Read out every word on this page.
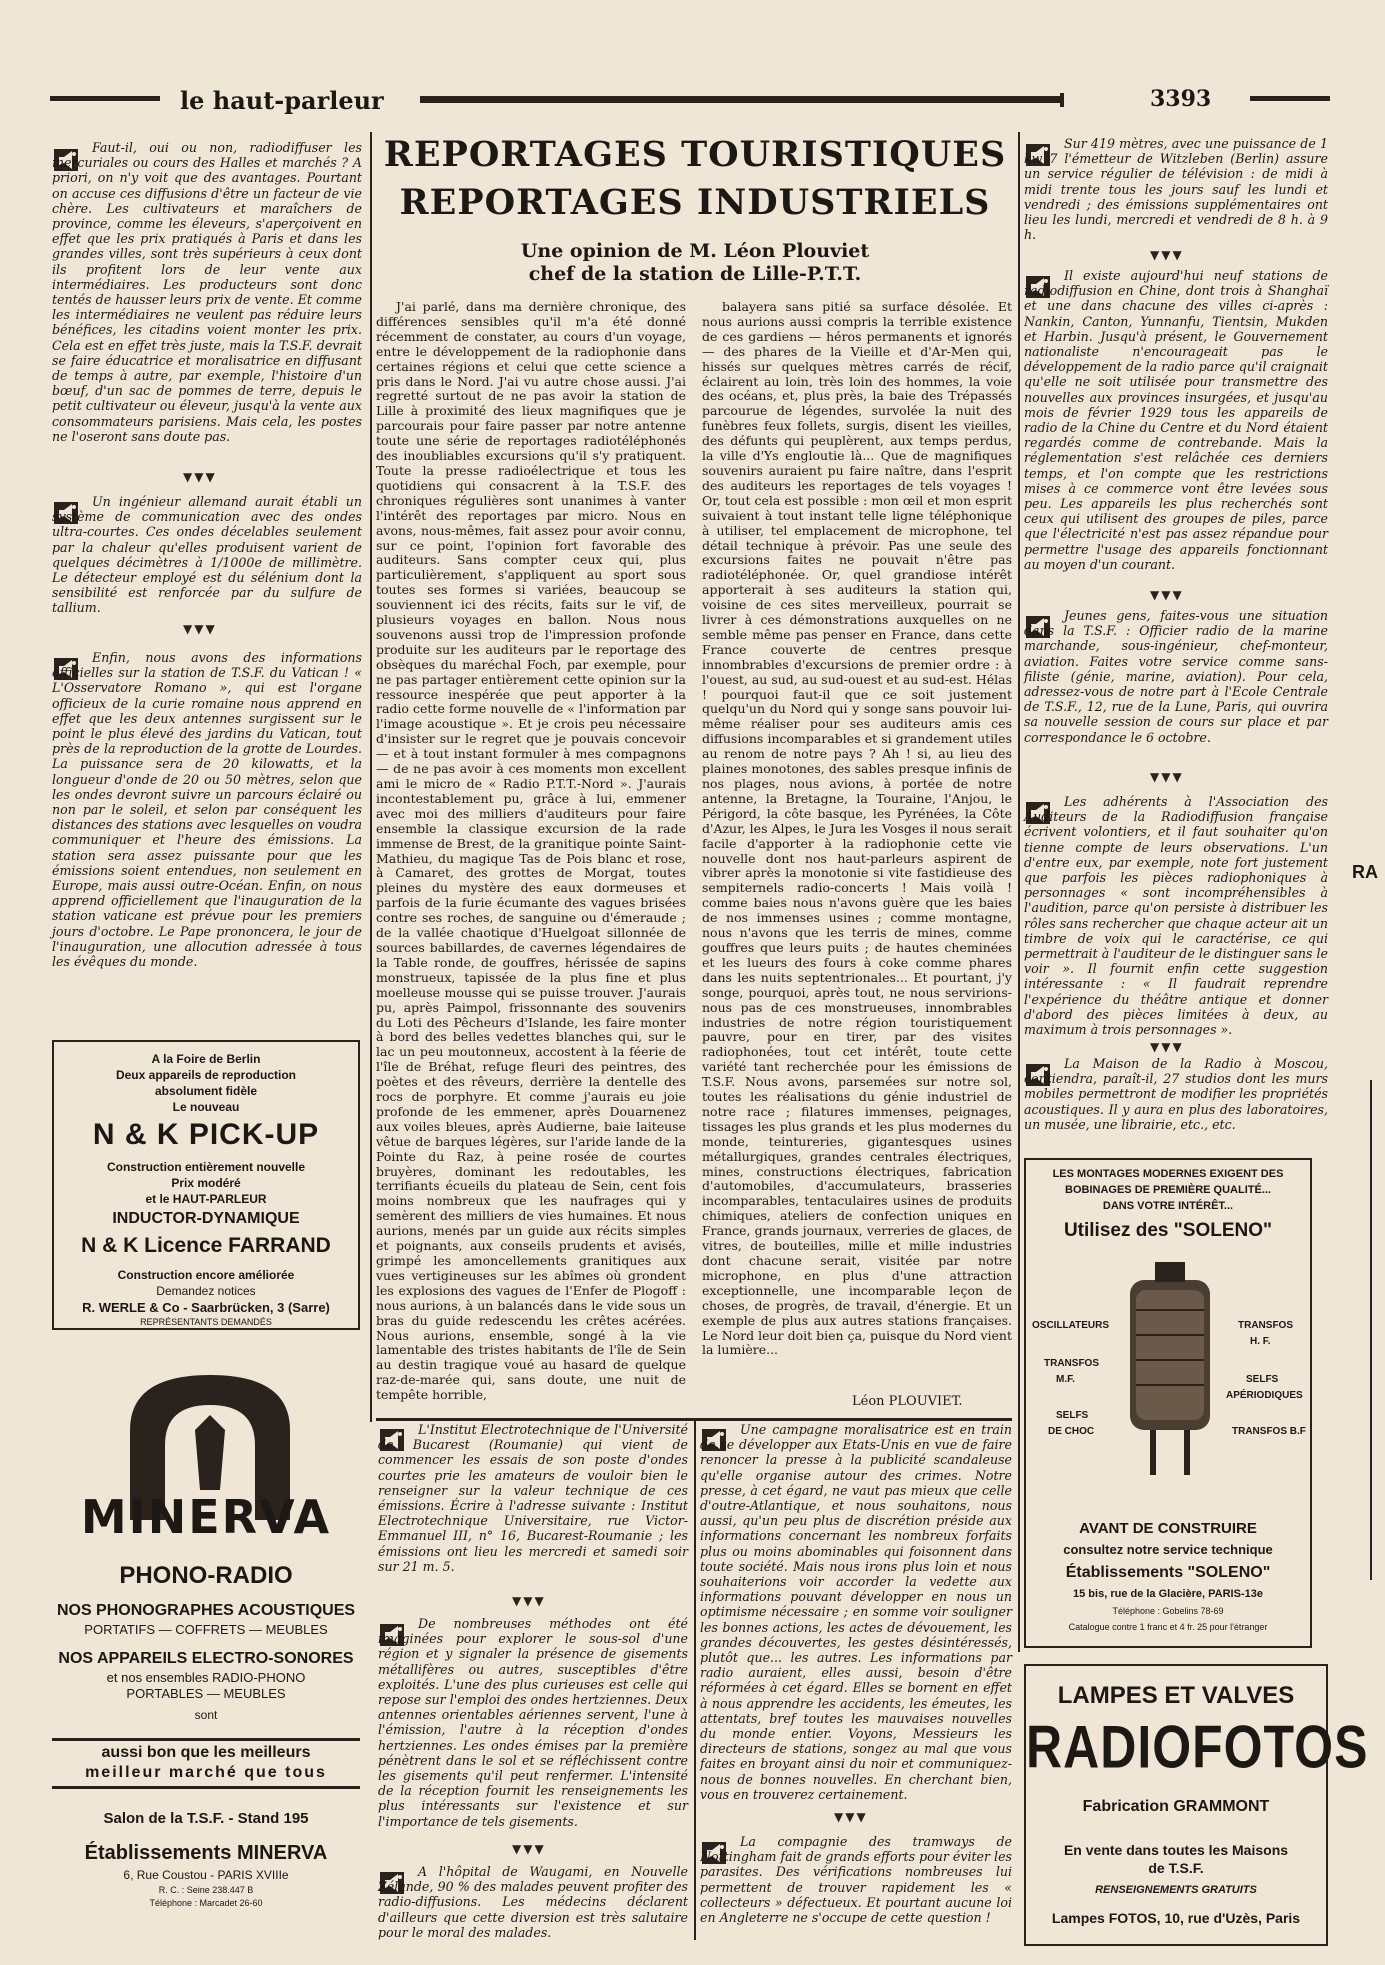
le haut-parleur	3393

Faut-il, oui ou non, radiodiffuser les mercuriales ou cours des Halles et marchés ? A priori, on n'y voit que des avantages. Pourtant on accuse ces diffusions d'être un facteur de vie chère. Les cultivateurs et maraîchers de province, comme les éleveurs, s'aperçoivent en effet que les prix pratiqués à Paris et dans les grandes villes, sont très supérieurs à ceux dont ils profitent lors de leur vente aux intermédiaires. Les producteurs sont donc tentés de hausser leurs prix de vente. Et comme les intermédiaires ne veulent pas réduire leurs bénéfices, les citadins voient monter les prix. Cela est en effet très juste, mais la T.S.F. devrait se faire éducatrice et moralisatrice en diffusant de temps à autre, par exemple, l'histoire d'un bœuf, d'un sac de pommes de terre, depuis le petit cultivateur ou éleveur, jusqu'à la vente aux consommateurs parisiens. Mais cela, les postes ne l'oseront sans doute pas.

▼▼▼

Un ingénieur allemand aurait établi un système de communication avec des ondes ultra-courtes. Ces ondes décelables seulement par la chaleur qu'elles produisent varient de quelques décimètres à 1/1000e de millimètre. Le détecteur employé est du sélénium dont la sensibilité est renforcée par du sulfure de tallium.

▼▼▼

Enfin, nous avons des informations officielles sur la station de T.S.F. du Vatican ! « L'Osservatore Romano », qui est l'organe officieux de la curie romaine nous apprend en effet que les deux antennes surgissent sur le point le plus élevé des jardins du Vatican, tout près de la reproduction de la grotte de Lourdes. La puissance sera de 20 kilowatts, et la longueur d'onde de 20 ou 50 mètres, selon que les ondes devront suivre un parcours éclairé ou non par le soleil, et selon par conséquent les distances des stations avec lesquelles on voudra communiquer et l'heure des émissions. La station sera assez puissante pour que les émissions soient entendues, non seulement en Europe, mais aussi outre-Océan. Enfin, on nous apprend officiellement que l'inauguration de la station vaticane est prévue pour les premiers jours d'octobre. Le Pape prononcera, le jour de l'inauguration, une allocution adressée à tous les évêques du monde.

A la Foire de Berlin
Deux appareils de reproduction
absolument fidèle
Le nouveau
N & K PICK-UP
Construction entièrement nouvelle
Prix modéré
et le HAUT-PARLEUR
INDUCTOR-DYNAMIQUE
N & K Licence FARRAND
Construction encore améliorée
Demandez notices
R. WERLE & Co - Saarbrücken, 3 (Sarre)
REPRÉSENTANTS DEMANDÉS
MINERVA
PHONO-RADIO
NOS PHONOGRAPHES ACOUSTIQUES
PORTATIFS — COFFRETS — MEUBLES
NOS APPAREILS ELECTRO-SONORES
et nos ensembles RADIO-PHONO
PORTABLES — MEUBLES
sont
aussi bon que les meilleurs
meilleur marché que tous
Salon de la T.S.F. - Stand 195
Établissements MINERVA
6, Rue Coustou - PARIS XVIIIe
R. C. : Seine 238.447 B
Téléphone : Marcadet 26-60
REPORTAGES TOURISTIQUES
REPORTAGES INDUSTRIELS
Une opinion de M. Léon Plouviet
chef de la station de Lille-P.T.T.

J'ai parlé, dans ma dernière chronique, des différences sensibles qu'il m'a été donné récemment de constater, au cours d'un voyage, entre le développement de la radiophonie dans certaines régions et celui que cette science a pris dans le Nord. J'ai vu autre chose aussi. J'ai regretté surtout de ne pas avoir la station de Lille à proximité des lieux magnifiques que je parcourais pour faire passer par notre antenne toute une série de reportages radiotéléphonés des inoubliables excursions qu'il s'y pratiquent. Toute la presse radioélectrique et tous les quotidiens qui consacrent à la T.S.F. des chroniques régulières sont unanimes à vanter l'intérêt des reportages par micro. Nous en avons, nous-mêmes, fait assez pour avoir connu, sur ce point, l'opinion fort favorable des auditeurs. Sans compter ceux qui, plus particulièrement, s'appliquent au sport sous toutes ses formes si variées, beaucoup se souviennent ici des récits, faits sur le vif, de plusieurs voyages en ballon. Nous nous souvenons aussi trop de l'impression profonde produite sur les auditeurs par le reportage des obsèques du maréchal Foch, par exemple, pour ne pas partager entièrement cette opinion sur la ressource inespérée que peut apporter à la radio cette forme nouvelle de « l'information par l'image acoustique ». Et je crois peu nécessaire d'insister sur le regret que je pouvais concevoir — et à tout instant formuler à mes compagnons — de ne pas avoir à ces moments mon excellent ami le micro de « Radio P.T.T.-Nord ». J'aurais incontestablement pu, grâce à lui, emmener avec moi des milliers d'auditeurs pour faire ensemble la classique excursion de la rade immense de Brest, de la granitique pointe Saint-Mathieu, du magique Tas de Pois blanc et rose, à Camaret, des grottes de Morgat, toutes pleines du mystère des eaux dormeuses et parfois de la furie écumante des vagues brisées contre ses roches, de sanguine ou d'émeraude ; de la vallée chaotique d'Huelgoat sillonnée de sources babillardes, de cavernes légendaires de la Table ronde, de gouffres, hérissée de sapins monstrueux, tapissée de la plus fine et plus moelleuse mousse qui se puisse trouver. J'aurais pu, après Paimpol, frissonnante des souvenirs du Loti des Pêcheurs d'Islande, les faire monter à bord des belles vedettes blanches qui, sur le lac un peu moutonneux, accostent à la féerie de l'île de Bréhat, refuge fleuri des peintres, des poètes et des rêveurs, derrière la dentelle des rocs de porphyre. Et comme j'aurais eu joie profonde de les emmener, après Douarnenez aux voiles bleues, après Audierne, baie laiteuse vêtue de barques légères, sur l'aride lande de la Pointe du Raz, à peine rosée de courtes bruyères, dominant les redoutables, les terrifiants écueils du plateau de Sein, cent fois moins nombreux que les naufrages qui y semèrent des milliers de vies humaines. Et nous aurions, menés par un guide aux récits simples et poignants, aux conseils prudents et avisés, grimpé les amoncellements granitiques aux vues vertigineuses sur les abîmes où grondent les explosions des vagues de l'Enfer de Plogoff : nous aurions, à un balancés dans le vide sous un bras du guide redescendu les crêtes acérées. Nous aurions, ensemble, songé à la vie lamentable des tristes habitants de l'île de Sein au destin tragique voué au hasard de quelque raz-de-marée qui, sans doute, une nuit de tempête horrible,

balayera sans pitié sa surface désolée. Et nous aurions aussi compris la terrible existence de ces gardiens — héros permanents et ignorés — des phares de la Vieille et d'Ar-Men qui, hissés sur quelques mètres carrés de récif, éclairent au loin, très loin des hommes, la voie des océans, et, plus près, la baie des Trépassés parcourue de légendes, survolée la nuit des funèbres feux follets, surgis, disent les vieilles, des défunts qui peuplèrent, aux temps perdus, la ville d'Ys engloutie là... Que de magnifiques souvenirs auraient pu faire naître, dans l'esprit des auditeurs les reportages de tels voyages ! Or, tout cela est possible : mon œil et mon esprit suivaient à tout instant telle ligne téléphonique à utiliser, tel emplacement de microphone, tel détail technique à prévoir. Pas une seule des excursions faites ne pouvait n'être pas radiotéléphonée. Or, quel grandiose intérêt apporterait à ses auditeurs la station qui, voisine de ces sites merveilleux, pourrait se livrer à ces démonstrations auxquelles on ne semble même pas penser en France, dans cette France couverte de centres presque innombrables d'excursions de premier ordre : à l'ouest, au sud, au sud-ouest et au sud-est. Hélas ! pourquoi faut-il que ce soit justement quelqu'un du Nord qui y songe sans pouvoir lui-même réaliser pour ses auditeurs amis ces diffusions incomparables et si grandement utiles au renom de notre pays ? Ah ! si, au lieu des plaines monotones, des sables presque infinis de nos plages, nous avions, à portée de notre antenne, la Bretagne, la Touraine, l'Anjou, le Périgord, la côte basque, les Pyrénées, la Côte d'Azur, les Alpes, le Jura les Vosges il nous serait facile d'apporter à la radiophonie cette vie nouvelle dont nos haut-parleurs aspirent de vibrer après la monotonie si vite fastidieuse des sempiternels radio-concerts ! Mais voilà ! comme baies nous n'avons guère que les baies de nos immenses usines ; comme montagne, nous n'avons que les terris de mines, comme gouffres que leurs puits ; de hautes cheminées et les lueurs des fours à coke comme phares dans les nuits septentrionales... Et pourtant, j'y songe, pourquoi, après tout, ne nous servirions-nous pas de ces monstrueuses, innombrables industries de notre région touristiquement pauvre, pour en tirer, par des visites radiophonées, tout cet intérêt, toute cette variété tant recherchée pour les émissions de T.S.F. Nous avons, parsemées sur notre sol, toutes les réalisations du génie industriel de notre race ; filatures immenses, peignages, tissages les plus grands et les plus modernes du monde, teintureries, gigantesques usines métallurgiques, grandes centrales électriques, mines, constructions électriques, fabrication d'automobiles, d'accumulateurs, brasseries incomparables, tentaculaires usines de produits chimiques, ateliers de confection uniques en France, grands journaux, verreries de glaces, de vitres, de bouteilles, mille et mille industries dont chacune serait, visitée par notre microphone, en plus d'une attraction exceptionnelle, une incomparable leçon de choses, de progrès, de travail, d'énergie. Et un exemple de plus aux autres stations françaises. Le Nord leur doit bien ça, puisque du Nord vient la lumière...

Léon PLOUVIET.

L'Institut Electrotechnique de l'Université de Bucarest (Roumanie) qui vient de commencer les essais de son poste d'ondes courtes prie les amateurs de vouloir bien le renseigner sur la valeur technique de ces émissions. Écrire à l'adresse suivante : Institut Electrotechnique Universitaire, rue Victor-Emmanuel III, n° 16, Bucarest-Roumanie ; les émissions ont lieu les mercredi et samedi soir sur 21 m. 5.

▼▼▼

De nombreuses méthodes ont été imaginées pour explorer le sous-sol d'une région et y signaler la présence de gisements métallifères ou autres, susceptibles d'être exploités. L'une des plus curieuses est celle qui repose sur l'emploi des ondes hertziennes. Deux antennes orientables aériennes servent, l'une à l'émission, l'autre à la réception d'ondes hertziennes. Les ondes émises par la première pénètrent dans le sol et se réfléchissent contre les gisements qu'il peut renfermer. L'intensité de la réception fournit les renseignements les plus intéressants sur l'existence et sur l'importance de tels gisements.

▼▼▼

A l'hôpital de Waugami, en Nouvelle Zélande, 90 % des malades peuvent profiter des radio-diffusions. Les médecins déclarent d'ailleurs que cette diversion est très salutaire pour le moral des malades.

Une campagne moralisatrice est en train de se développer aux Etats-Unis en vue de faire renoncer la presse à la publicité scandaleuse qu'elle organise autour des crimes. Notre presse, à cet égard, ne vaut pas mieux que celle d'outre-Atlantique, et nous souhaitons, nous aussi, qu'un peu plus de discrétion préside aux informations concernant les nombreux forfaits plus ou moins abominables qui foisonnent dans toute société. Mais nous irons plus loin et nous souhaiterions voir accorder la vedette aux informations pouvant développer en nous un optimisme nécessaire ; en somme voir souligner les bonnes actions, les actes de dévouement, les grandes découvertes, les gestes désintéressés, plutôt que... les autres. Les informations par radio auraient, elles aussi, besoin d'être réformées à cet égard. Elles se bornent en effet à nous apprendre les accidents, les émeutes, les attentats, bref toutes les mauvaises nouvelles du monde entier. Voyons, Messieurs les directeurs de stations, songez au mal que vous faites en broyant ainsi du noir et communiquez-nous de bonnes nouvelles. En cherchant bien, vous en trouverez certainement.

▼▼▼

La compagnie des tramways de Nottingham fait de grands efforts pour éviter les parasites. Des vérifications nombreuses lui permettent de trouver rapidement les « collecteurs » défectueux. Et pourtant aucune loi en Angleterre ne s'occupe de cette question !

Sur 419 mètres, avec une puissance de 1 kw 7 l'émetteur de Witzleben (Berlin) assure un service régulier de télévision : de midi à midi trente tous les jours sauf les lundi et vendredi ; des émissions supplémentaires ont lieu les lundi, mercredi et vendredi de 8 h. à 9 h.

▼▼▼

Il existe aujourd'hui neuf stations de radiodiffusion en Chine, dont trois à Shanghaï et une dans chacune des villes ci-après : Nankin, Canton, Yunnanfu, Tientsin, Mukden et Harbin. Jusqu'à présent, le Gouvernement nationaliste n'encourageait pas le développement de la radio parce qu'il craignait qu'elle ne soit utilisée pour transmettre des nouvelles aux provinces insurgées, et jusqu'au mois de février 1929 tous les appareils de radio de la Chine du Centre et du Nord étaient regardés comme de contrebande. Mais la réglementation s'est relâchée ces derniers temps, et l'on compte que les restrictions mises à ce commerce vont être levées sous peu. Les appareils les plus recherchés sont ceux qui utilisent des groupes de piles, parce que l'électricité n'est pas assez répandue pour permettre l'usage des appareils fonctionnant au moyen d'un courant.

▼▼▼

Jeunes gens, faites-vous une situation dans la T.S.F. : Officier radio de la marine marchande, sous-ingénieur, chef-monteur, aviation. Faites votre service comme sans-filiste (génie, marine, aviation). Pour cela, adressez-vous de notre part à l'Ecole Centrale de T.S.F., 12, rue de la Lune, Paris, qui ouvrira sa nouvelle session de cours sur place et par correspondance le 6 octobre.

▼▼▼

Les adhérents à l'Association des Auditeurs de la Radiodiffusion française écrivent volontiers, et il faut souhaiter qu'on tienne compte de leurs observations. L'un d'entre eux, par exemple, note fort justement que parfois les pièces radiophoniques à personnages « sont incompréhensibles à l'audition, parce qu'on persiste à distribuer les rôles sans rechercher que chaque acteur ait un timbre de voix qui le caractérise, ce qui permettrait à l'auditeur de le distinguer sans le voir ». Il fournit enfin cette suggestion intéressante : « Il faudrait reprendre l'expérience du théâtre antique et donner d'abord des pièces limitées à deux, au maximum à trois personnages ».

▼▼▼

La Maison de la Radio à Moscou, contiendra, paraît-il, 27 studios dont les murs mobiles permettront de modifier les propriétés acoustiques. Il y aura en plus des laboratoires, un musée, une librairie, etc., etc.

LES MONTAGES MODERNES EXIGENT DES
BOBINAGES DE PREMIÈRE QUALITÉ...
DANS VOTRE INTÉRÊT...
Utilisez des "SOLENO"
OSCILLATEURS
TRANSFOS
M.F.
SELFS
DE CHOC
TRANSFOS
H. F.
SELFS
APÉRIODIQUES
TRANSFOS B.F
AVANT DE CONSTRUIRE
consultez notre service technique
Établissements "SOLENO"
15 bis, rue de la Glacière, PARIS-13e
Téléphone : Gobelins 78-69
Catalogue contre 1 franc et 4 fr. 25 pour l'étranger
LAMPES ET VALVES
RADIOFOTOS
Fabrication GRAMMONT
En vente dans toutes les Maisons
de T.S.F.
RENSEIGNEMENTS GRATUITS
Lampes FOTOS, 10, rue d'Uzès, Paris
RA
